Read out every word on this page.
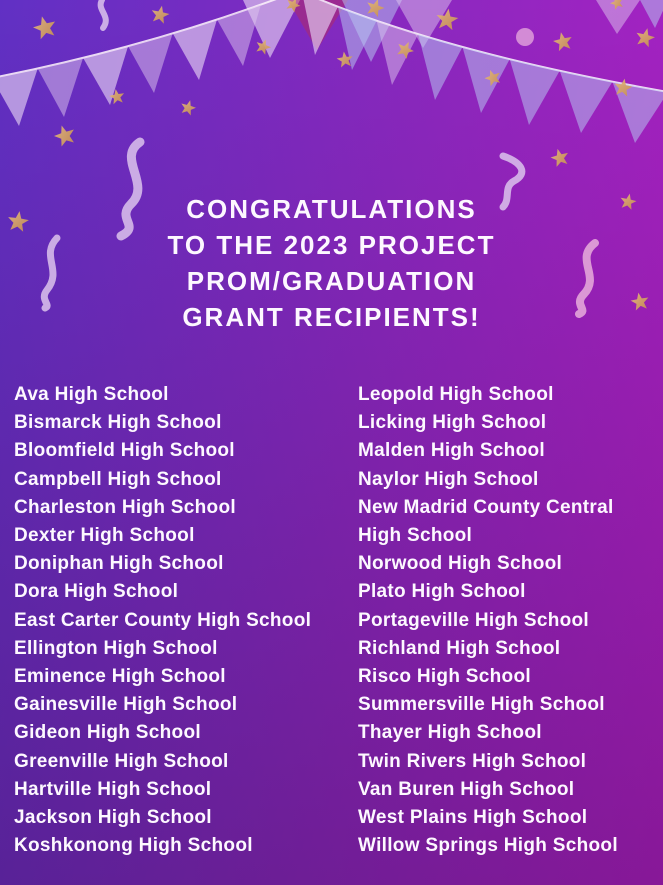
CONGRATULATIONS
TO THE 2023 PROJECT
PROM/GRADUATION
GRANT RECIPIENTS!
Ava High School
Bismarck High School
Bloomfield High School
Campbell High School
Charleston High School
Dexter High School
Doniphan High School
Dora High School
East Carter County High School
Ellington High School
Eminence High School
Gainesville High School
Gideon High School
Greenville High School
Hartville High School
Jackson High School
Koshkonong High School
Leopold High School
Licking High School
Malden High School
Naylor High School
New Madrid County Central High School
Norwood High School
Plato High School
Portageville High School
Richland High School
Risco High School
Summersville High School
Thayer High School
Twin Rivers High School
Van Buren High School
West Plains High School
Willow Springs High School
